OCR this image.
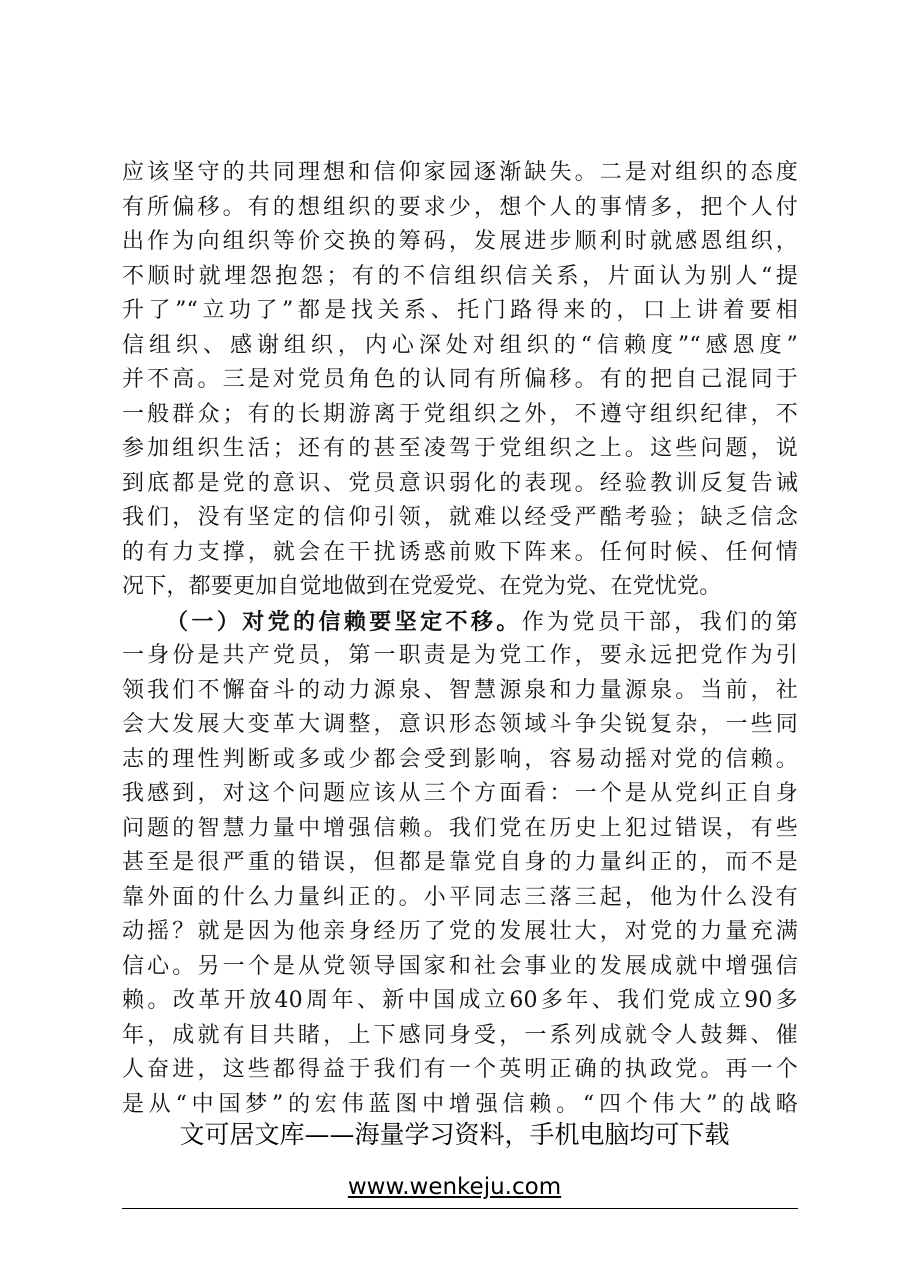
应该坚守的共同理想和信仰家园逐渐缺失。二是对组织的态度
有所偏移。有的想组织的要求少，想个人的事情多，把个人付
出作为向组织等价交换的筹码，发展进步顺利时就感恩组织，
不顺时就埋怨抱怨；有的不信组织信关系，片面认为别人“提
升了”“立功了”都是找关系、托门路得来的，口上讲着要相
信组织、感谢组织，内心深处对组织的“信赖度”“感恩度”
并不高。三是对党员角色的认同有所偏移。有的把自己混同于
一般群众；有的长期游离于党组织之外，不遵守组织纪律，不
参加组织生活；还有的甚至凌驾于党组织之上。这些问题，说
到底都是党的意识、党员意识弱化的表现。经验教训反复告诫
我们，没有坚定的信仰引领，就难以经受严酷考验；缺乏信念
的有力支撑，就会在干扰诱惑前败下阵来。任何时候、任何情
况下，都要更加自觉地做到在党爱党、在党为党、在党忧党。
（一）对党的信赖要坚定不移。作为党员干部，我们的第
一身份是共产党员，第一职责是为党工作，要永远把党作为引
领我们不懈奋斗的动力源泉、智慧源泉和力量源泉。当前，社
会大发展大变革大调整，意识形态领域斗争尖锐复杂，一些同
志的理性判断或多或少都会受到影响，容易动摇对党的信赖。
我感到，对这个问题应该从三个方面看：一个是从党纠正自身
问题的智慧力量中增强信赖。我们党在历史上犯过错误，有些
甚至是很严重的错误，但都是靠党自身的力量纠正的，而不是
靠外面的什么力量纠正的。小平同志三落三起，他为什么没有
动摇？就是因为他亲身经历了党的发展壮大，对党的力量充满
信心。另一个是从党领导国家和社会事业的发展成就中增强信
赖。改革开放40周年、新中国成立60多年、我们党成立90多
年，成就有目共睹，上下感同身受，一系列成就令人鼓舞、催
人奋进，这些都得益于我们有一个英明正确的执政党。再一个
是从“中国梦”的宏伟蓝图中增强信赖。“四个伟大”的战略
文可居文库——海量学习资料，手机电脑均可下载
www.wenkeju.com
